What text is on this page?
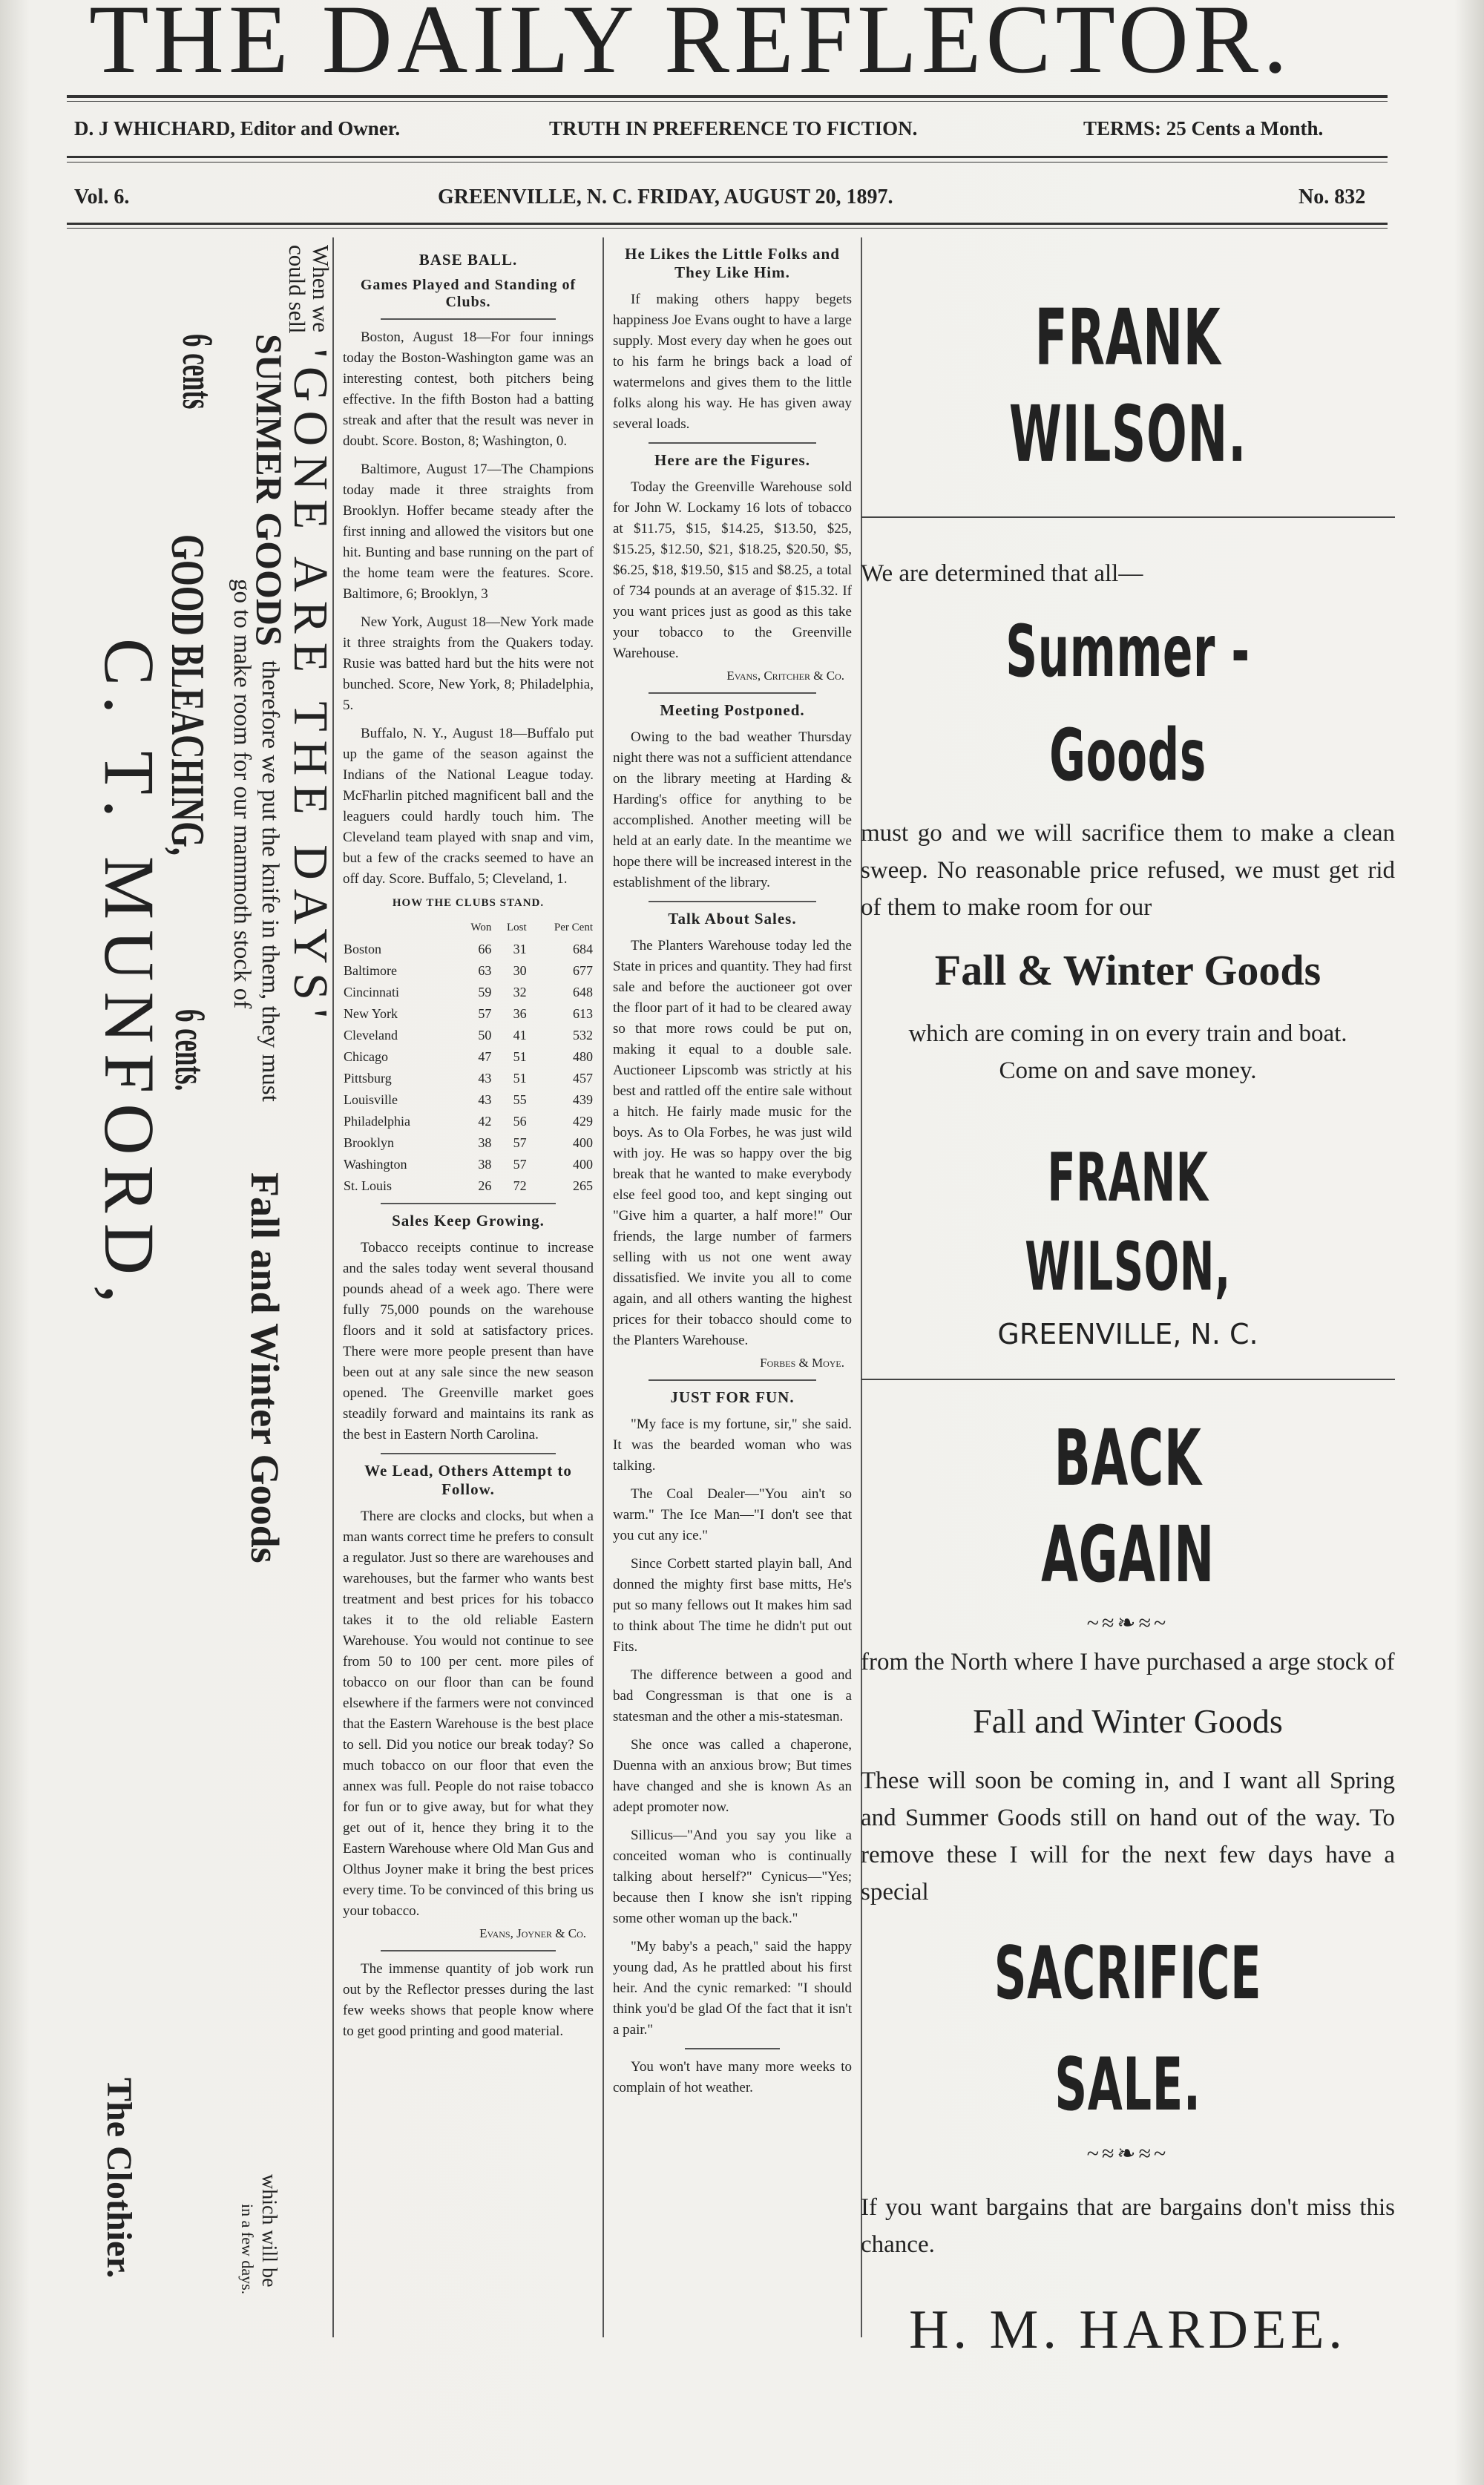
THE DAILY REFLECTOR.
D. J WHICHARD, Editor and Owner.	TRUTH IN PREFERENCE TO FICTION.	TERMS: 25 Cents a Month.
Vol. 6.	GREENVILLE, N. C. FRIDAY, AUGUST 20, 1897.	No. 832
When we
could sell
'GONE ARE THE DAYS'
SUMMER GOODS
therefore we put the knife in them, they must
go to make room for our mammoth stock of
Fall and Winter Goods
which will be
in a few days.
6 cents
GOOD BLEACHING,
6 cents.
C. T. MUNFORD,
The Clothier.
BASE BALL.
Games Played and Standing of Clubs.

Boston, August 18—For four innings today the Boston-Washington game was an interesting contest, both pitchers being effective. In the fifth Boston had a batting streak and after that the result was never in doubt. Score. Boston, 8; Washington, 0.

Baltimore, August 17—The Champions today made it three straights from Brooklyn. Hoffer became steady after the first inning and allowed the visitors but one hit. Bunting and base running on the part of the home team were the features. Score. Baltimore, 6; Brooklyn, 3

New York, August 18—New York made it three straights from the Quakers today. Rusie was batted hard but the hits were not bunched. Score, New York, 8; Philadelphia, 5.

Buffalo, N. Y., August 18—Buffalo put up the game of the season against the Indians of the National League today. McFharlin pitched magnificent ball and the leaguers could hardly touch him. The Cleveland team played with snap and vim, but a few of the cracks seemed to have an off day. Score. Buffalo, 5; Cleveland, 1.

HOW THE CLUBS STAND.
	Won	Lost	Per Cent
Boston	66	31	684
Baltimore	63	30	677
Cincinnati	59	32	648
New York	57	36	613
Cleveland	50	41	532
Chicago	47	51	480
Pittsburg	43	51	457
Louisville	43	55	439
Philadelphia	42	56	429
Brooklyn	38	57	400
Washington	38	57	400
St. Louis	26	72	265
Sales Keep Growing.

Tobacco receipts continue to increase and the sales today went several thousand pounds ahead of a week ago. There were fully 75,000 pounds on the warehouse floors and it sold at satisfactory prices. There were more people present than have been out at any sale since the new season opened. The Greenville market goes steadily forward and maintains its rank as the best in Eastern North Carolina.

We Lead, Others Attempt to Follow.

There are clocks and clocks, but when a man wants correct time he prefers to consult a regulator. Just so there are warehouses and warehouses, but the farmer who wants best treatment and best prices for his tobacco takes it to the old reliable Eastern Warehouse. You would not continue to see from 50 to 100 per cent. more piles of tobacco on our floor than can be found elsewhere if the farmers were not convinced that the Eastern Warehouse is the best place to sell. Did you notice our break today? So much tobacco on our floor that even the annex was full. People do not raise tobacco for fun or to give away, but for what they get out of it, hence they bring it to the Eastern Warehouse where Old Man Gus and Olthus Joyner make it bring the best prices every time. To be convinced of this bring us your tobacco.

Evans, Joyner & Co.

The immense quantity of job work run out by the Reflector presses during the last few weeks shows that people know where to get good printing and good material.

He Likes the Little Folks and They Like Him.

If making others happy begets happiness Joe Evans ought to have a large supply. Most every day when he goes out to his farm he brings back a load of watermelons and gives them to the little folks along his way. He has given away several loads.

Here are the Figures.

Today the Greenville Warehouse sold for John W. Lockamy 16 lots of tobacco at $11.75, $15, $14.25, $13.50, $25, $15.25, $12.50, $21, $18.25, $20.50, $5, $6.25, $18, $19.50, $15 and $8.25, a total of 734 pounds at an average of $15.32. If you want prices just as good as this take your tobacco to the Greenville Warehouse.

Evans, Critcher & Co.
Meeting Postponed.

Owing to the bad weather Thursday night there was not a sufficient attendance on the library meeting at Harding & Harding's office for anything to be accomplished. Another meeting will be held at an early date. In the meantime we hope there will be increased interest in the establishment of the library.

Talk About Sales.

The Planters Warehouse today led the State in prices and quantity. They had first sale and before the auctioneer got over the floor part of it had to be cleared away so that more rows could be put on, making it equal to a double sale. Auctioneer Lipscomb was strictly at his best and rattled off the entire sale without a hitch. He fairly made music for the boys. As to Ola Forbes, he was just wild with joy. He was so happy over the big break that he wanted to make everybody else feel good too, and kept singing out "Give him a quarter, a half more!" Our friends, the large number of farmers selling with us not one went away dissatisfied. We invite you all to come again, and all others wanting the highest prices for their tobacco should come to the Planters Warehouse.

Forbes & Moye.
JUST FOR FUN.

"My face is my fortune, sir," she said. It was the bearded woman who was talking.

The Coal Dealer—"You ain't so warm." The Ice Man—"I don't see that you cut any ice."

Since Corbett started playin ball, And donned the mighty first base mitts, He's put so many fellows out It makes him sad to think about The time he didn't put out Fits.

The difference between a good and bad Congressman is that one is a statesman and the other a mis-statesman.

She once was called a chaperone, Duenna with an anxious brow; But times have changed and she is known As an adept promoter now.

Sillicus—"And you say you like a conceited woman who is continually talking about herself?" Cynicus—"Yes; because then I know she isn't ripping some other woman up the back."

"My baby's a peach," said the happy young dad, As he prattled about his first heir. And the cynic remarked: "I should think you'd be glad Of the fact that it isn't a pair."

You won't have many more weeks to complain of hot weather.

FRANK WILSON.

We are determined that all—

Summer - Goods

must go and we will sacrifice them to make a clean sweep. No reasonable price refused, we must get rid of them to make room for our

Fall & Winter Goods

which are coming in on every train and boat.

Come on and save money.

FRANK WILSON,
GREENVILLE, N. C.
BACK AGAIN
~≈❧≈~

from the North where I have purchased a arge stock of

Fall and Winter Goods

These will soon be coming in, and I want all Spring and Summer Goods still on hand out of the way. To remove these I will for the next few days have a special

SACRIFICE SALE.
~≈❧≈~

If you want bargains that are bargains don't miss this chance.

H. M. HARDEE.
